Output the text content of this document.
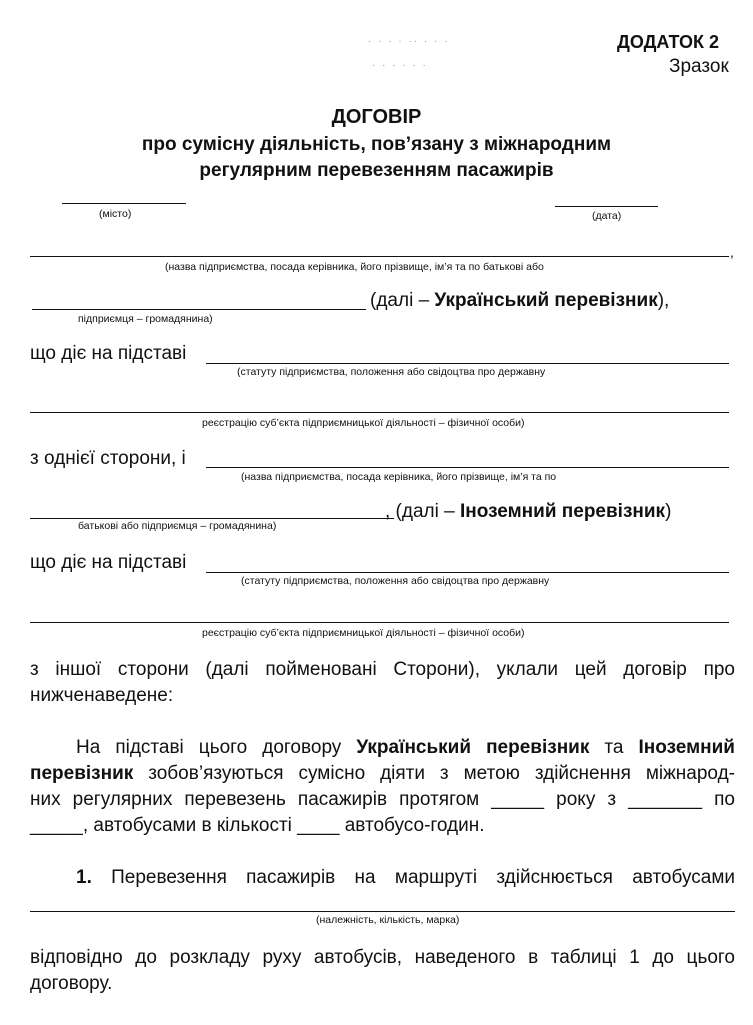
· · · · ·· · · ·
· · · · · ·
ДОДАТОК 2
Зразок
ДОГОВІР
про сумісну діяльність, пов’язану з міжнародним
регулярним перевезенням пасажирів
(місто)	(дата)
,
(назва підприємства, посада керівника, його прізвище, ім’я та по батькові або
(далі – Український перевізник),
підприємця – громадянина)
що діє на підставі
(статуту підприємства, положення або свідоцтва про державну
реєстрацію суб’єкта підприємницької діяльності – фізичної особи)
з однієї сторони, і
(назва підприємства, посада керівника, його прізвище, ім’я та по
, (далі – Іноземний перевізник)
батькові або підприємця – громадянина)
що діє на підставі
(статуту підприємства, положення або свідоцтва про державну
реєстрацію суб’єкта підприємницької діяльності – фізичної особи)
з іншої сторони (далі пойменовані Сторони), уклали цей договір про
нижченаведене:
На підставі цього договору Український перевізник та Іноземний
перевізник зобов’язуються сумісно діяти з метою здійснення міжнарод-
них регулярних перевезень пасажирів протягом _____ року з _______ по
_____, автобусами в кількості ____ автобусо-годин.
1. Перевезення пасажирів на маршруті здійснюється автобусами
(належність, кількість, марка)
відповідно до розкладу руху автобусів, наведеного в таблиці 1 до цього
договору.
